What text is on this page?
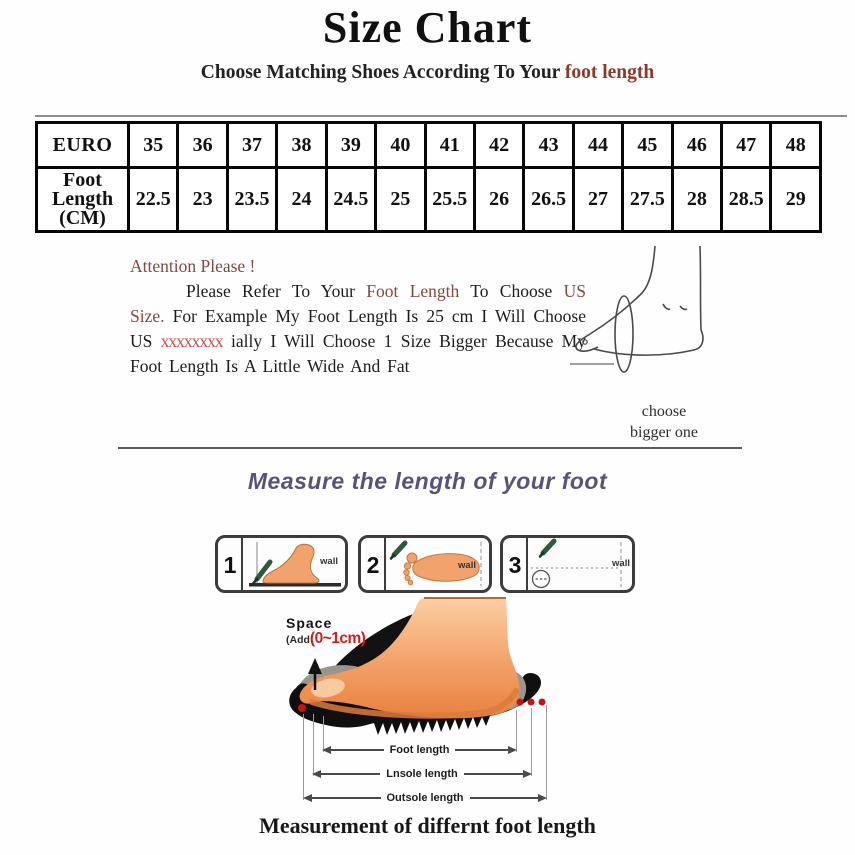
Size Chart
Choose Matching Shoes According To Your foot length
EURO	35	36	37	38	39	40	41	42	43	44	45	46	47	48

Foot Length (CM)	22.5	23	23.5	24	24.5	25	25.5	26	26.5	27	27.5	28	28.5	29
Attention Please !

Please Refer To Your Foot Length To Choose US Size. For Example My Foot Length Is 25 cm I Will Choose US xxxxxxxx ially I Will Choose 1 Size Bigger Because My Foot Length Is A Little Wide And Fat

choose
bigger one
Measure the length of your foot
1	wall 2	wall 3	wall
Space
(Add(0~1cm)
Foot length
Lnsole length
Outsole length
Measurement of differnt foot length
